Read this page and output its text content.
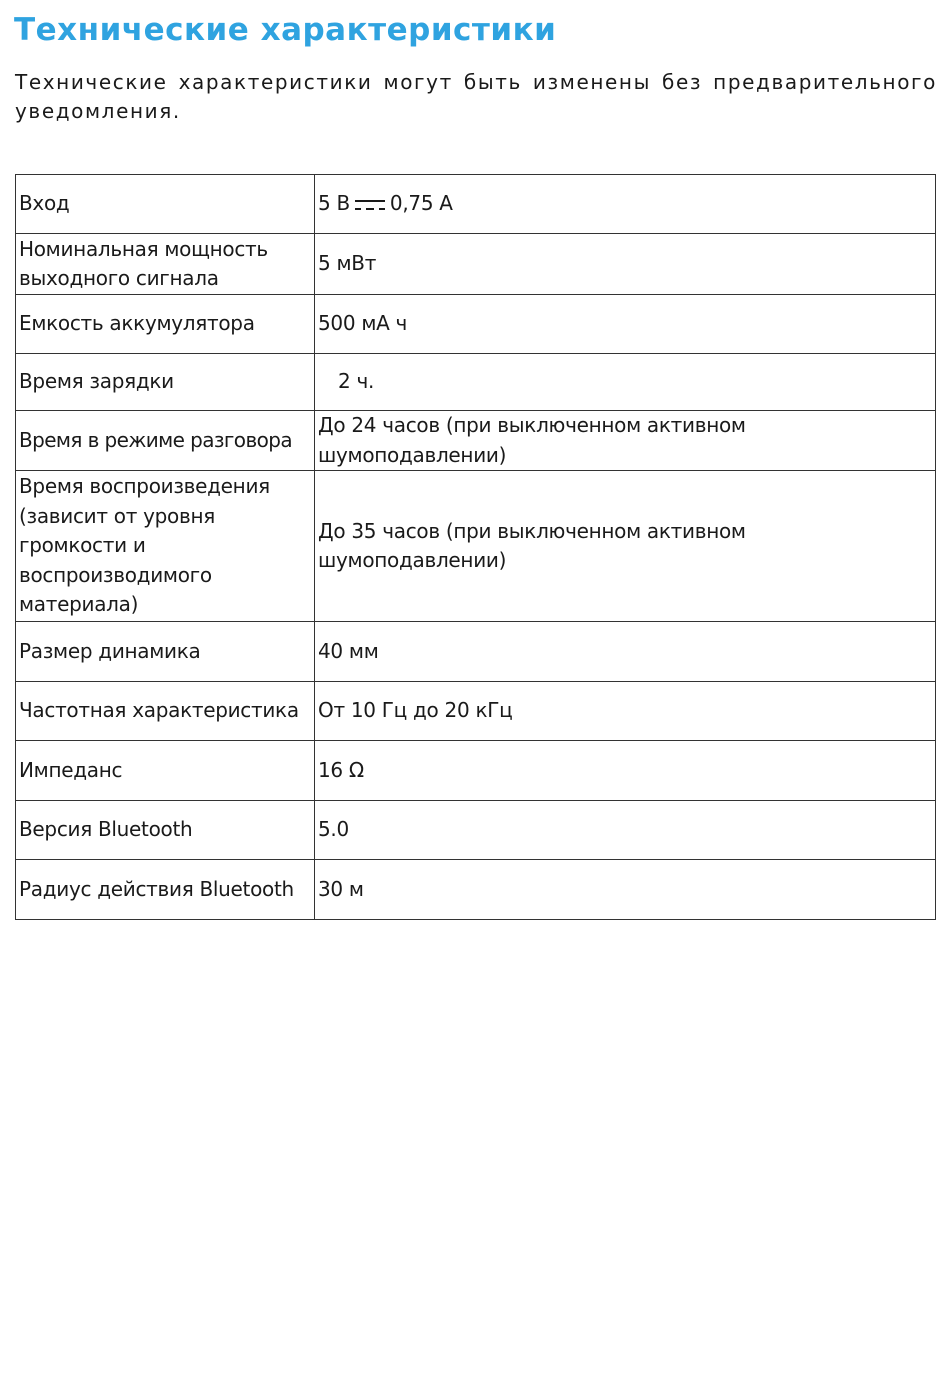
Технические характеристики

Технические характеристики могут быть изменены без предварительного уведомления.

Вход	5 В 0,75 А
Номинальная мощность выходного сигнала	5 мВт
Емкость аккумулятора	500 мА ч
Время зарядки	2 ч.
Время в режиме разговора	До 24 часов (при выключенном активном шумоподавлении)
Время воспроизведения (зависит от уровня громкости и воспроизводимого материала)	До 35 часов (при выключенном активном шумоподавлении)
Размер динамика	40 мм
Частотная характеристика	От 10 Гц до 20 кГц
Импеданс	16 Ω
Версия Bluetooth	5.0
Радиус действия Bluetooth	30 м
